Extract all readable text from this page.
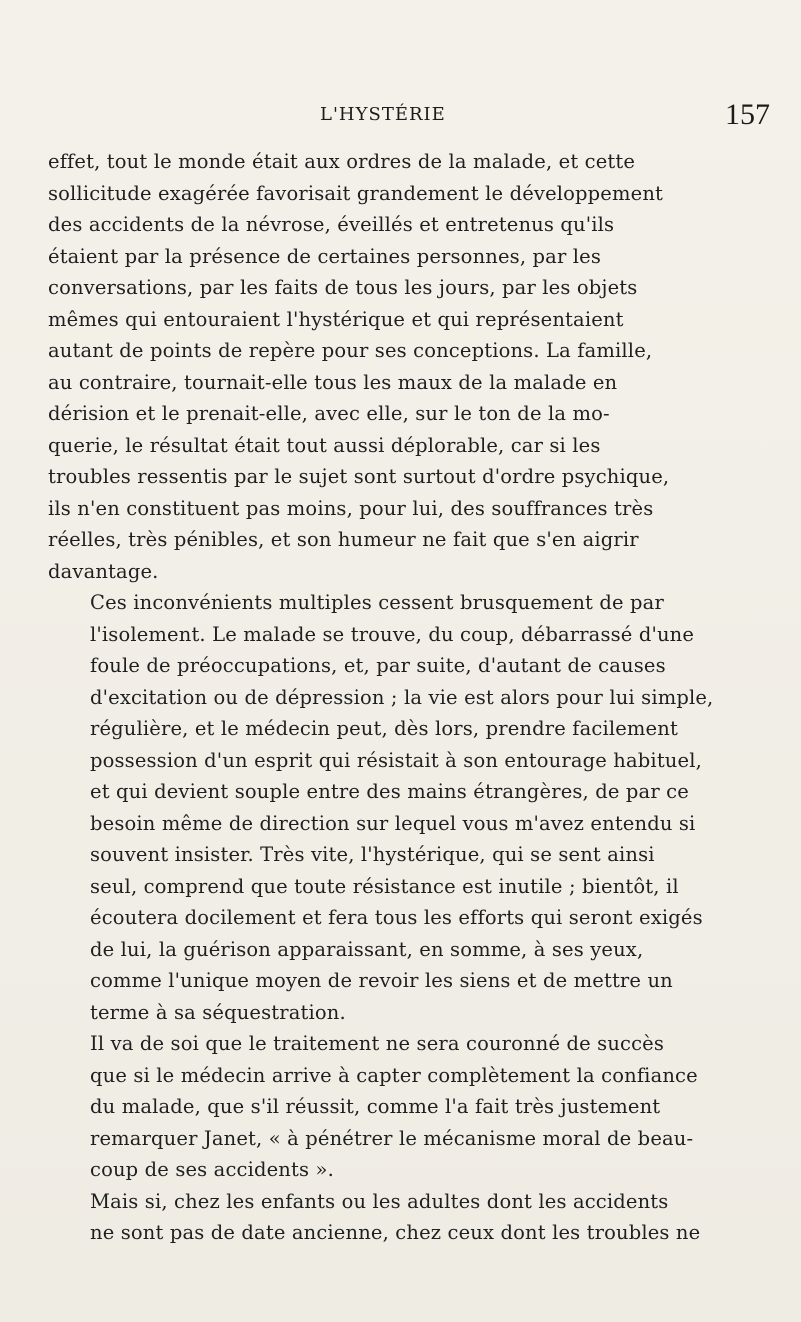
L'HYSTÉRIE	157
effet, tout le monde était aux ordres de la malade, et cette
sollicitude exagérée favorisait grandement le développement
des accidents de la névrose, éveillés et entretenus qu'ils
étaient par la présence de certaines personnes, par les
conversations, par les faits de tous les jours, par les objets
mêmes qui entouraient l'hystérique et qui représentaient
autant de points de repère pour ses conceptions. La famille,
au contraire, tournait-elle tous les maux de la malade en
dérision et le prenait-elle, avec elle, sur le ton de la mo-
querie, le résultat était tout aussi déplorable, car si les
troubles ressentis par le sujet sont surtout d'ordre psychique,
ils n'en constituent pas moins, pour lui, des souffrances très
réelles, très pénibles, et son humeur ne fait que s'en aigrir
davantage.
Ces inconvénients multiples cessent brusquement de par
l'isolement. Le malade se trouve, du coup, débarrassé d'une
foule de préoccupations, et, par suite, d'autant de causes
d'excitation ou de dépression ; la vie est alors pour lui simple,
régulière, et le médecin peut, dès lors, prendre facilement
possession d'un esprit qui résistait à son entourage habituel,
et qui devient souple entre des mains étrangères, de par ce
besoin même de direction sur lequel vous m'avez entendu si
souvent insister. Très vite, l'hystérique, qui se sent ainsi
seul, comprend que toute résistance est inutile ; bientôt, il
écoutera docilement et fera tous les efforts qui seront exigés
de lui, la guérison apparaissant, en somme, à ses yeux,
comme l'unique moyen de revoir les siens et de mettre un
terme à sa séquestration.
Il va de soi que le traitement ne sera couronné de succès
que si le médecin arrive à capter complètement la confiance
du malade, que s'il réussit, comme l'a fait très justement
remarquer Janet, « à pénétrer le mécanisme moral de beau-
coup de ses accidents ».
Mais si, chez les enfants ou les adultes dont les accidents
ne sont pas de date ancienne, chez ceux dont les troubles ne
